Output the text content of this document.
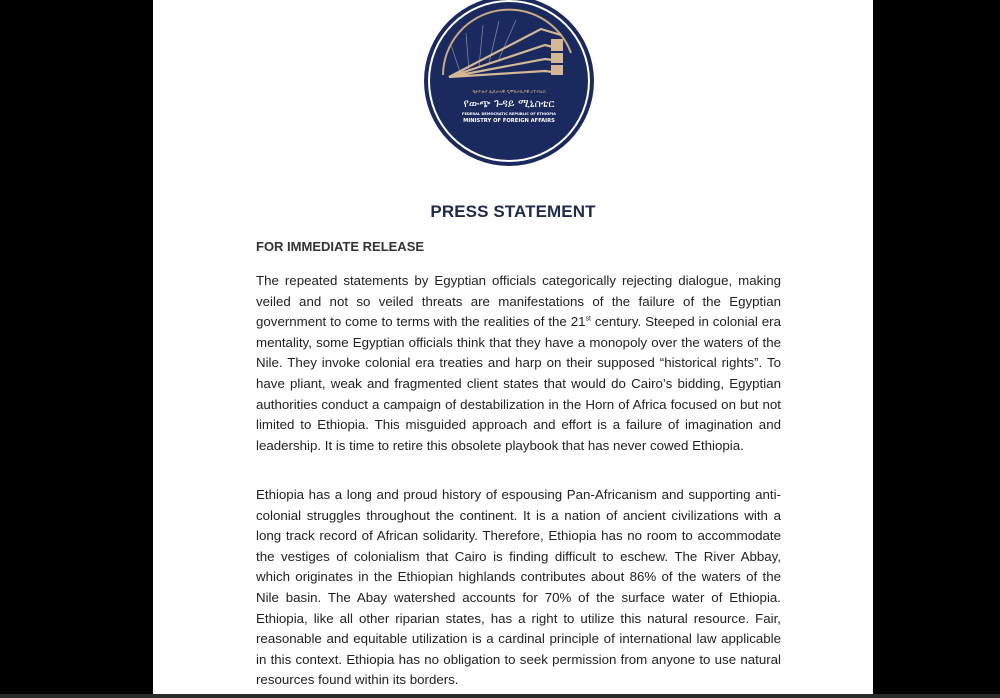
ዒትዮጵያ ፌዴራላዊ ዲሞክራሲያዊ ሪፐብሊክ
የውጭ ጉዳይ ሚኒስቴር
FEDERAL DEMOCRATIC REPUBLIC OF ETHIOPIA
MINISTRY OF FOREIGN AFFAIRS
PRESS STATEMENT
FOR IMMEDIATE RELEASE
The repeated statements by Egyptian officials categorically rejecting dialogue, making veiled and not so veiled threats are manifestations of the failure of the Egyptian government to come to terms with the realities of the 21st century. Steeped in colonial era mentality, some Egyptian officials think that they have a monopoly over the waters of the Nile. They invoke colonial era treaties and harp on their supposed “historical rights”. To have pliant, weak and fragmented client states that would do Cairo’s bidding, Egyptian authorities conduct a campaign of destabilization in the Horn of Africa focused on but not limited to Ethiopia. This misguided approach and effort is a failure of imagination and leadership. It is time to retire this obsolete playbook that has never cowed Ethiopia.
Ethiopia has a long and proud history of espousing Pan-Africanism and supporting anti-colonial struggles throughout the continent. It is a nation of ancient civilizations with a long track record of African solidarity. Therefore, Ethiopia has no room to accommodate the vestiges of colonialism that Cairo is finding difficult to eschew. The River Abbay, which originates in the Ethiopian highlands contributes about 86% of the waters of the Nile basin. The Abay watershed accounts for 70% of the surface water of Ethiopia. Ethiopia, like all other riparian states, has a right to utilize this natural resource. Fair, reasonable and equitable utilization is a cardinal principle of international law applicable in this context. Ethiopia has no obligation to seek permission from anyone to use natural resources found within its borders.
